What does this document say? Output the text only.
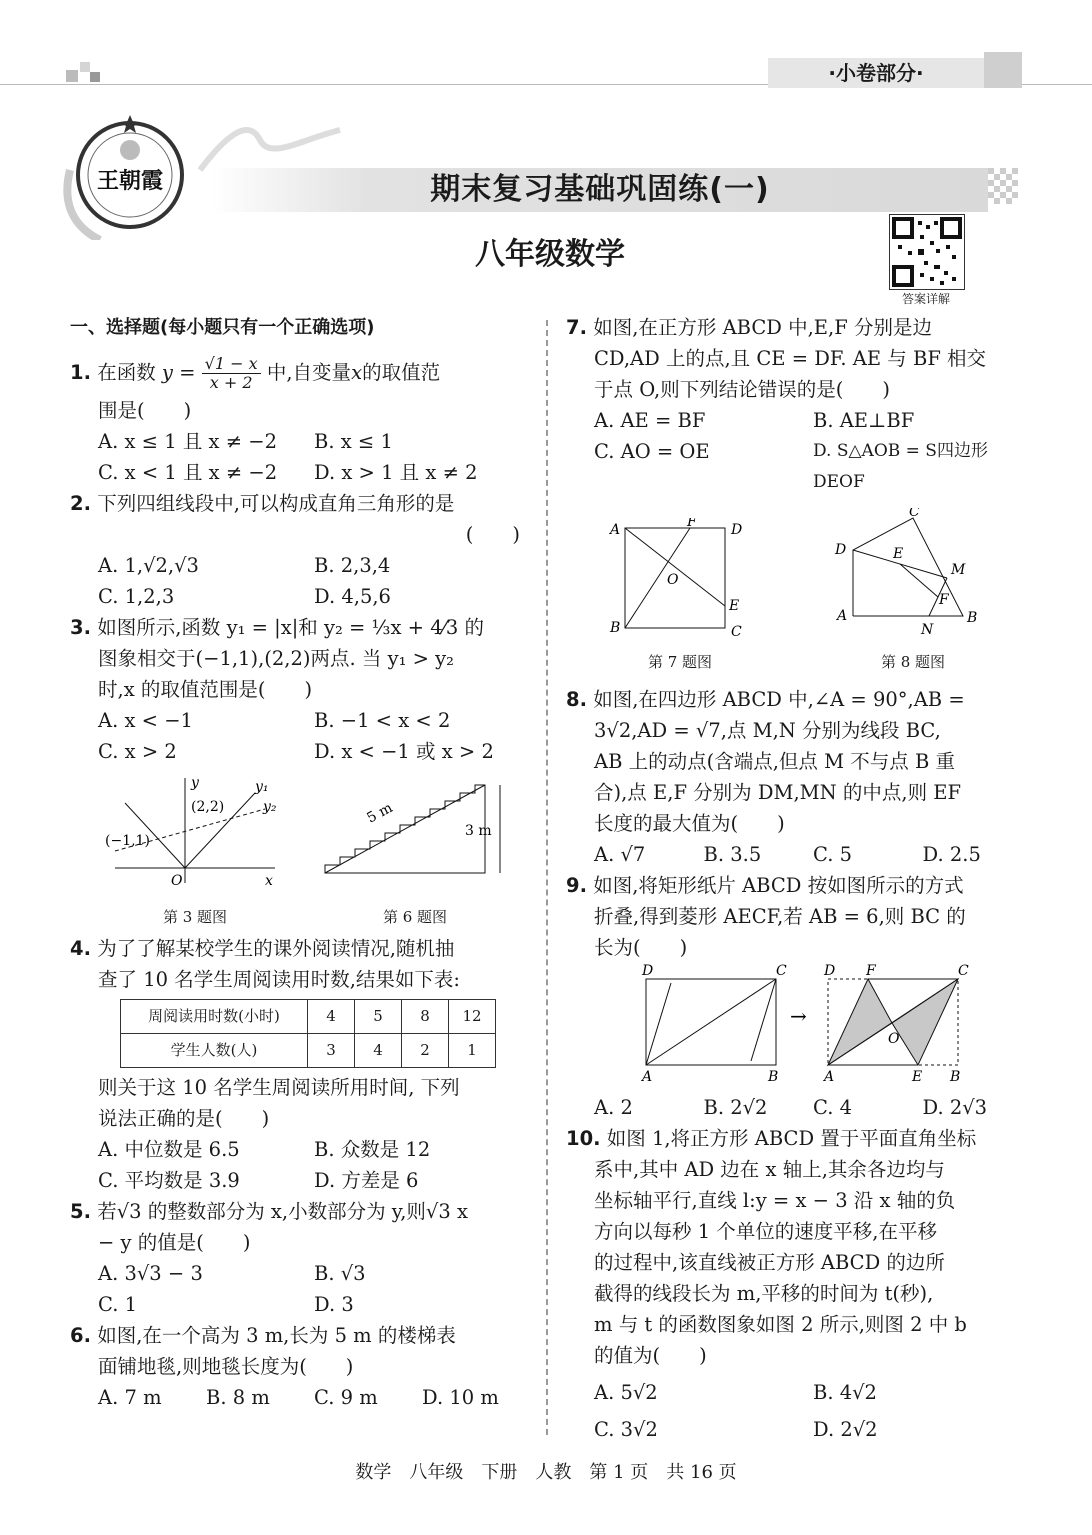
·小卷部分·
王朝霞	期末复习基础巩固练(一)
八年级数学
答案详解
一、选择题(每小题只有一个正确选项)
1. 在函数 $y = \frac{√1 - x}{x + 2}$ 中,自变量x的取值范
围是(　　)
A. x ≤ 1 且 x ≠ −2	B. x ≤ 1
C. x < 1 且 x ≠ −2	D. x > 1 且 x ≠ 2
2. 下列四组线段中,可以构成直角三角形的是
(　　)
A. 1,√2,√3	B. 2,3,4
C. 1,2,3	D. 4,5,6
3. 如图所示,函数 y₁ = |x|和 y₂ = ⅓x + 4⁄3 的
图象相交于(−1,1),(2,2)两点. 当 y₁ > y₂
时,x 的取值范围是(　　)
A. x < −1	B. −1 < x < 2
C. x > 2	D. x < −1 或 x > 2
y
x
O
(2,2)
(−1,1)
y₁
y₂
第 3 题图
5 m
3 m
第 6 题图
4. 为了了解某校学生的课外阅读情况,随机抽
查了 10 名学生周阅读用时数,结果如下表:
周阅读用时数(小时)	4	5	8	12
学生人数(人)	3	4	2	1
则关于这 10 名学生周阅读所用时间, 下列
说法正确的是(　　)
A. 中位数是 6.5	B. 众数是 12
C. 平均数是 3.9	D. 方差是 6
5. 若√3 的整数部分为 x,小数部分为 y,则√3 x
− y 的值是(　　)
A. 3√3 − 3	B. √3
C. 1	D. 3
6. 如图,在一个高为 3 m,长为 5 m 的楼梯表
面铺地毯,则地毯长度为(　　)
A. 7 m	B. 8 m	C. 9 m	D. 10 m
7. 如图,在正方形 ABCD 中,E,F 分别是边
CD,AD 上的点,且 CE = DF. AE 与 BF 相交
于点 O,则下列结论错误的是(　　)
A. AE = BF	B. AE⊥BF
C. AO = OE	D. S△AOB = S四边形DEOF
A
B	C
D
E
F
O
第 7 题图
A	B
C
D	E
F
M
N
第 8 题图
8. 如图,在四边形 ABCD 中,∠A = 90°,AB =
3√2,AD = √7,点 M,N 分别为线段 BC,
AB 上的动点(含端点,但点 M 不与点 B 重
合),点 E,F 分别为 DM,MN 的中点,则 EF
长度的最大值为(　　)
A. √7	B. 3.5	C. 5	D. 2.5
9. 如图,将矩形纸片 ABCD 按如图所示的方式
折叠,得到菱形 AECF,若 AB = 6,则 BC 的
长为(　　)
D	C
A	B
→
D F	C
O
A	E B
A. 2	B. 2√2	C. 4	D. 2√3
10. 如图 1,将正方形 ABCD 置于平面直角坐标
系中,其中 AD 边在 x 轴上,其余各边均与
坐标轴平行,直线 l:y = x − 3 沿 x 轴的负
方向以每秒 1 个单位的速度平移,在平移
的过程中,该直线被正方形 ABCD 的边所
截得的线段长为 m,平移的时间为 t(秒),
m 与 t 的函数图象如图 2 所示,则图 2 中 b
的值为(　　)
A. 5√2	B. 4√2
C. 3√2	D. 2√2
数学　八年级　下册　人教　第 1 页　共 16 页
